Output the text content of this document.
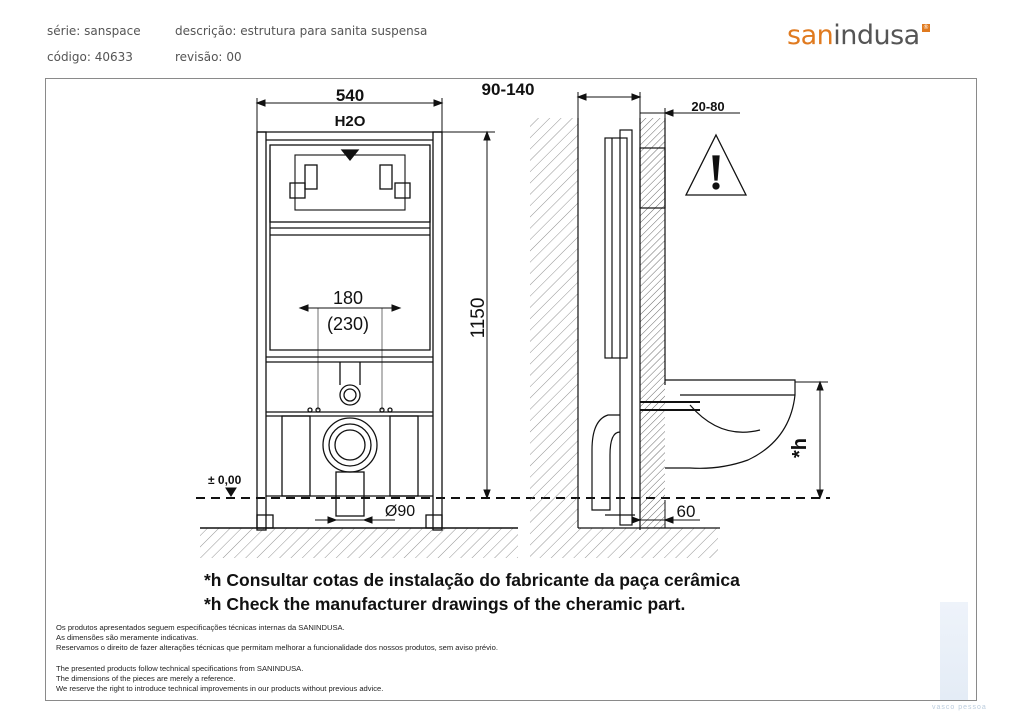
série: sanspace
código: 40633
descrição: estrutura para sanita suspensa
revisão: 00
sanindusa ®
540
H2O
90-140
20-80
1150
180
(230)
± 0,00
Ø90	60
*h
*h Consultar cotas de instalação do fabricante da paça cerâmica
*h Check the manufacturer drawings of the cheramic part.
Os produtos apresentados seguem especificações técnicas internas da SANINDUSA.
As dimensões são meramente indicativas.
Reservamos o direito de fazer alterações técnicas que permitam melhorar a funcionalidade dos nossos produtos, sem aviso prévio.
The presented products follow technical specifications from SANINDUSA.
The dimensions of the pieces are merely a reference.
We reserve the right to introduce technical improvements in our products without previous advice.
vasco pessoa
